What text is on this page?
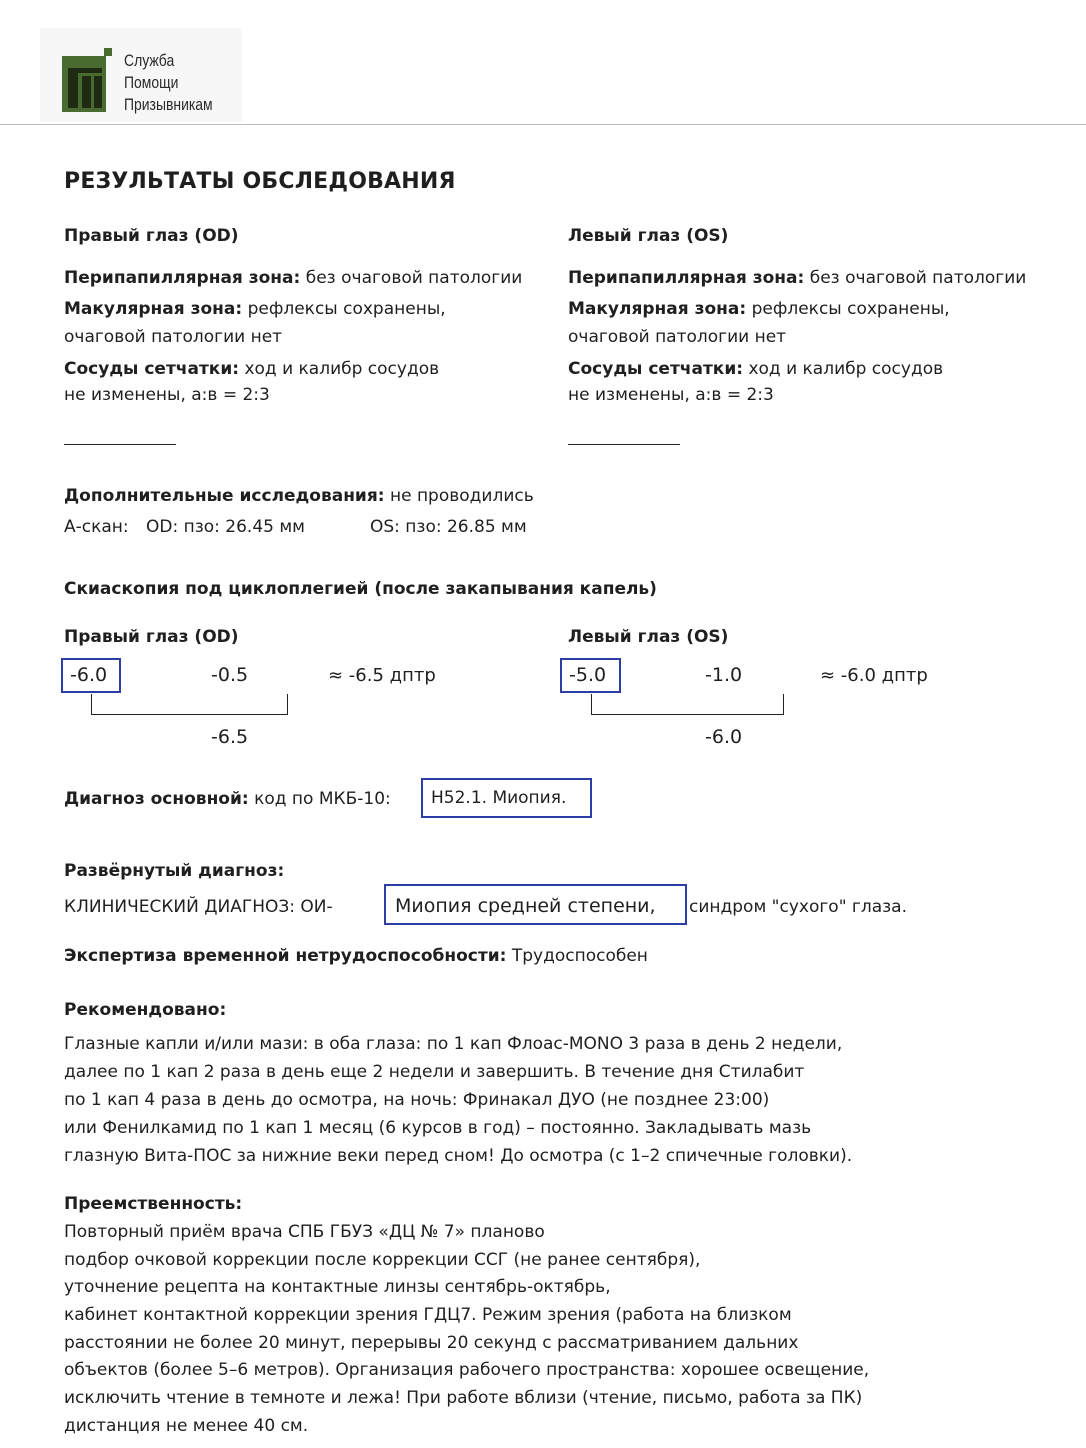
Служба
Помощи
Призывникам
РЕЗУЛЬТАТЫ ОБСЛЕДОВАНИЯ
Правый глаз (OD)
Перипапиллярная зона: без очаговой патологии
Макулярная зона: рефлексы сохранены,
очаговой патологии нет
Сосуды сетчатки: ход и калибр сосудов
не изменены, а:в = 2:3
Левый глаз (OS)
Перипапиллярная зона: без очаговой патологии
Макулярная зона: рефлексы сохранены,
очаговой патологии нет
Сосуды сетчатки: ход и калибр сосудов
не изменены, а:в = 2:3
Дополнительные исследования: не проводились
А-скан: OD: пзо: 26.45 мм	OS: пзо: 26.85 мм
Скиаскопия под циклоплегией (после закапывания капель)
Правый глаз (OD)
-6.0	-0.5	≈ -6.5 дптр
-6.5
Левый глаз (OS)
-5.0	-1.0	≈ -6.0 дптр
-6.0
Диагноз основной: код по МКБ-10: H52.1. Миопия.
Развёрнутый диагноз:
КЛИНИЧЕСКИЙ ДИАГНОЗ: ОИ-	Миопия средней степени, синдром "сухого" глаза.
Экспертиза временной нетрудоспособности: Трудоспособен
Рекомендовано:
Глазные капли и/или мази: в оба глаза: по 1 кап Флоас-MONO 3 раза в день 2 недели,
далее по 1 кап 2 раза в день еще 2 недели и завершить. В течение дня Стилабит
по 1 кап 4 раза в день до осмотра, на ночь: Фринакал ДУО (не позднее 23:00)
или Фенилкамид по 1 кап 1 месяц (6 курсов в год) – постоянно. Закладывать мазь
глазную Вита-ПОС за нижние веки перед сном! До осмотра (с 1–2 спичечные головки).
Преемственность:
Повторный приём врача СПБ ГБУЗ «ДЦ № 7» планово
подбор очковой коррекции после коррекции ССГ (не ранее сентября),
уточнение рецепта на контактные линзы сентябрь-октябрь,
кабинет контактной коррекции зрения ГДЦ7. Режим зрения (работа на близком
расстоянии не более 20 минут, перерывы 20 секунд с рассматриванием дальних
объектов (более 5–6 метров). Организация рабочего пространства: хорошее освещение,
исключить чтение в темноте и лежа! При работе вблизи (чтение, письмо, работа за ПК)
дистанция не менее 40 см.
